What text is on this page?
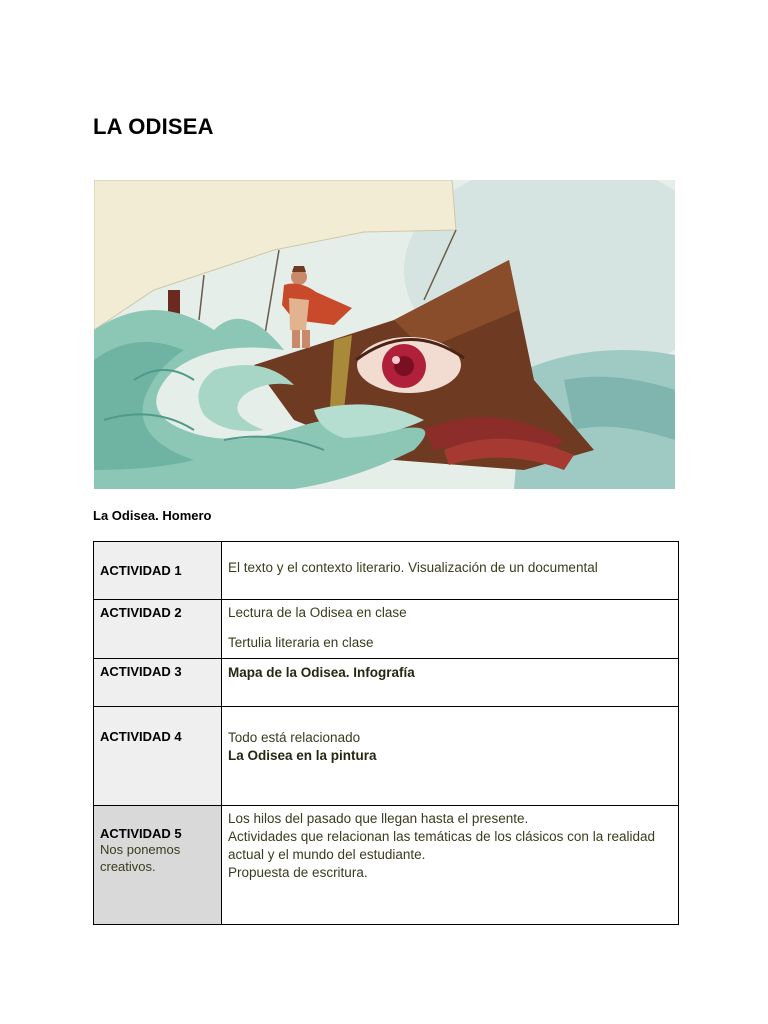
LA ODISEA
La Odisea. Homero
ACTIVIDAD 1	El texto y el contexto literario. Visualización de un documental

ACTIVIDAD 2	Lectura de la Odisea en clase
Tertulia literaria en clase

ACTIVIDAD 3	Mapa de la Odisea. Infografía

ACTIVIDAD 4	Todo está relacionado
La Odisea en la pintura

ACTIVIDAD 5
Nos ponemos creativos.	Los hilos del pasado que llegan hasta el presente.
Actividades que relacionan las temáticas de los clásicos con la realidad actual y el mundo del estudiante.
Propuesta de escritura.
